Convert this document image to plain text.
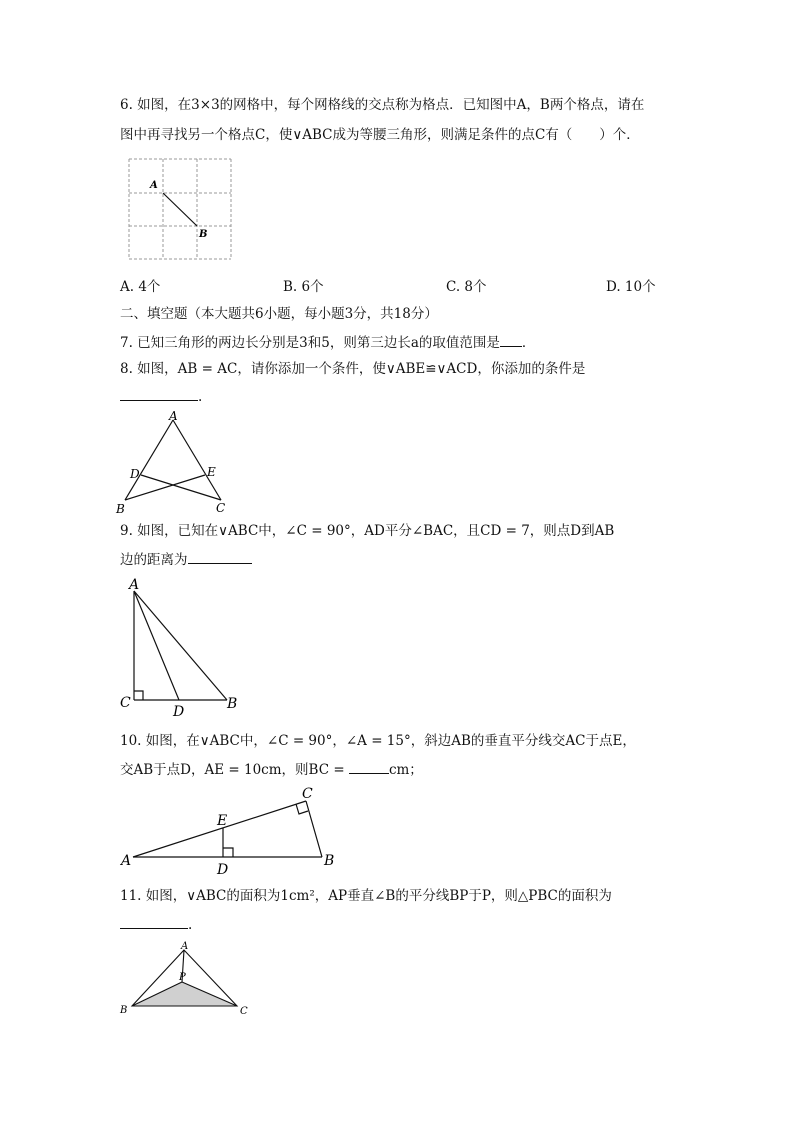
6. 如图，在3×3的网格中，每个网格线的交点称为格点．已知图中A，B两个格点，请在
图中再寻找另一个格点C，使∨ABC成为等腰三角形，则满足条件的点C有（　　）个．
A
B
A. 4个	B. 6个	C. 8个	D. 10个
二、填空题（本大题共6小题，每小题3分，共18分）
7. 已知三角形的两边长分别是3和5，则第三边长a的取值范围是 ．
8. 如图，AB = AC，请你添加一个条件，使∨ABE≌∨ACD，你添加的条件是
.
A
B	C
D	E
9. 如图，已知在∨ABC中，∠C = 90°，AD平分∠BAC，且CD = 7，则点D到AB
边的距离为
A
C
D	B
10. 如图，在∨ABC中，∠C = 90°，∠A = 15°，斜边AB的垂直平分线交AC于点E，
交AB于点D，AE = 10cm，则BC =	cm；
A	B
C
E
D
11. 如图，∨ABC的面积为1cm²，AP垂直∠B的平分线BP于P，则△PBC的面积为
.
A
B	C
P
